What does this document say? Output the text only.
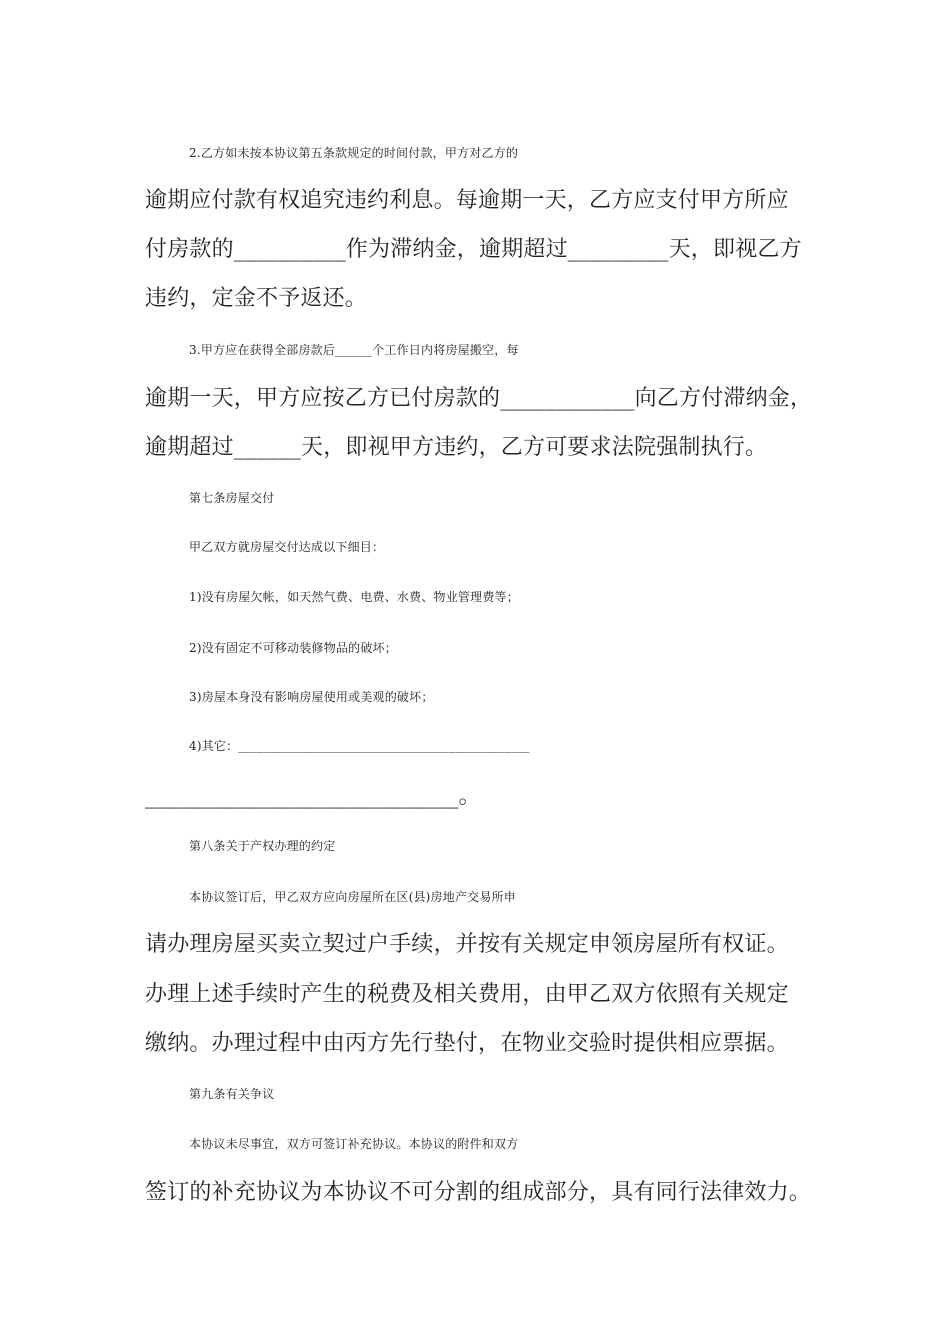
2.乙方如未按本协议第五条款规定的时间付款，甲方对乙方的
逾期应付款有权追究违约利息。每逾期一天，乙方应支付甲方所应
付房款的__________作为滞纳金，逾期超过_________天，即视乙方
违约，定金不予返还。
3.甲方应在获得全部房款后______个工作日内将房屋搬空，每
逾期一天，甲方应按乙方已付房款的____________向乙方付滞纳金，
逾期超过______天，即视甲方违约，乙方可要求法院强制执行。
第七条房屋交付
甲乙双方就房屋交付达成以下细目：
1)没有房屋欠帐，如天然气费、电费、水费、物业管理费等；
2)没有固定不可移动装修物品的破坏；
3)房屋本身没有影响房屋使用或美观的破坏；
4)其它：_______________________________________________
____________________________。
第八条关于产权办理的约定
本协议签订后，甲乙双方应向房屋所在区(县)房地产交易所申
请办理房屋买卖立契过户手续，并按有关规定申领房屋所有权证。
办理上述手续时产生的税费及相关费用，由甲乙双方依照有关规定
缴纳。办理过程中由丙方先行垫付，在物业交验时提供相应票据。
第九条有关争议
本协议未尽事宜，双方可签订补充协议。本协议的附件和双方
签订的补充协议为本协议不可分割的组成部分，具有同行法律效力。
